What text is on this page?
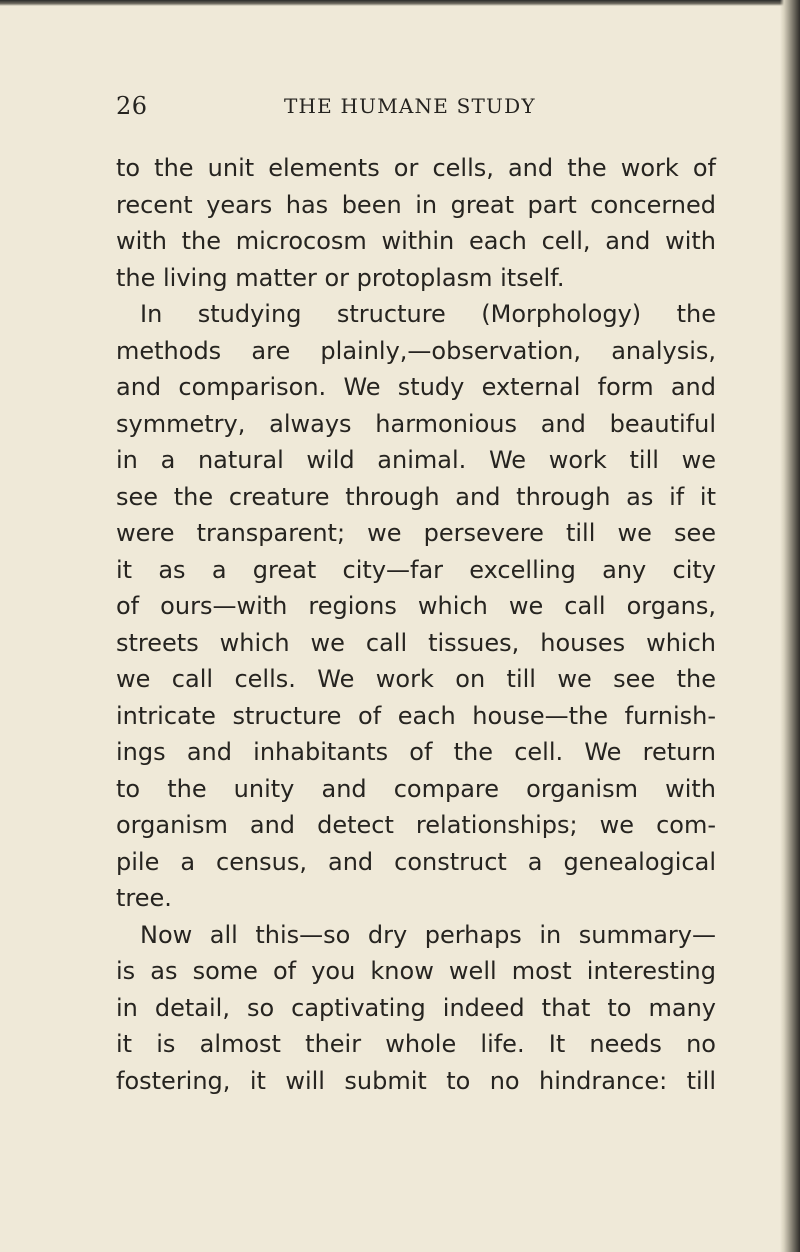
26	THE HUMANE STUDY
to the unit elements or cells, and the work of
recent years has been in great part concerned
with the microcosm within each cell, and with
the living matter or protoplasm itself.
In studying structure (Morphology) the
methods are plainly,—observation, analysis,
and comparison. We study external form and
symmetry, always harmonious and beautiful
in a natural wild animal. We work till we
see the creature through and through as if it
were transparent; we persevere till we see
it as a great city—far excelling any city
of ours—with regions which we call organs,
streets which we call tissues, houses which
we call cells. We work on till we see the
intricate structure of each house—the furnish-
ings and inhabitants of the cell. We return
to the unity and compare organism with
organism and detect relationships; we com-
pile a census, and construct a genealogical
tree.
Now all this—so dry perhaps in summary—
is as some of you know well most interesting
in detail, so captivating indeed that to many
it is almost their whole life. It needs no
fostering, it will submit to no hindrance: till
